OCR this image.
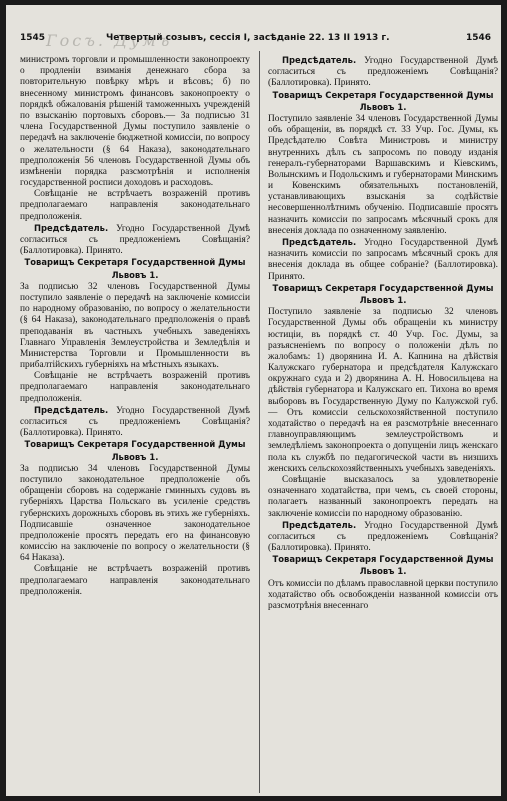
Госъ. Думъ
1545	Четвертый созывъ, сессія I, засѣданіе 22. 13 II 1913 г.	1546

министромъ торговли и промышленности законопроекту о продленіи взиманія денежнаго сбора за повторительную повѣрку мѣръ и вѣсовъ; б) по внесенному министромъ финансовъ законопроекту о порядкѣ обжалованія рѣшеній таможенныхъ учрежденій по взысканію портовыхъ сборовъ.— За подписью 31 члена Государственной Думы поступило заявленіе о передачѣ на заключеніе бюджетной комиссіи, по вопросу о желательности (§ 64 Наказа), законодательнаго предположенія 56 членовъ Государственной Думы объ измѣненіи порядка разсмотрѣнія и исполненія государственной росписи доходовъ и расходовъ.

Совѣщаніе не встрѣчаетъ возраженій противъ предполагаемаго направленія законодательнаго предположенія.

Предсѣдатель. Угодно Государственной Думѣ согласиться съ предложеніемъ Совѣщанія? (Баллотировка). Принято.

Товарищъ Секретаря Государственной Думы Львовъ 1.

За подписью 32 членовъ Государственной Думы поступило заявленіе о передачѣ на заключеніе комиссіи по народному образованію, по вопросу о желательности (§ 64 Наказа), законодательнаго предположенія о правѣ преподаванія въ частныхъ учебныхъ заведеніяхъ Главнаго Управленія Землеустройства и Земледѣлія и Министерства Торговли и Промышленности въ прибалтійскихъ губерніяхъ на мѣстныхъ языкахъ.

Совѣщаніе не встрѣчаетъ возраженій противъ предполагаемаго направленія законодательнаго предположенія.

Предсѣдатель. Угодно Государственной Думѣ согласиться съ предложеніемъ Совѣщанія? (Баллотировка). Принято.

Товарищъ Секретаря Государственной Думы Львовъ 1.

За подписью 34 членовъ Государственной Думы поступило законодательное предположеніе объ обращеніи сборовъ на содержаніе гминныхъ судовъ въ губерніяхъ Царства Польскаго въ усиленіе средствъ губернскихъ дорожныхъ сборовъ въ этихъ же губерніяхъ. Подписавшіе означенное законодательное предположеніе просятъ передать его на финансовую комиссію на заключеніе по вопросу о желательности (§ 64 Наказа).

Совѣщаніе не встрѣчаетъ возраженій противъ предполагаемаго направленія законодательнаго предположенія.

Предсѣдатель. Угодно Государственной Думѣ согласиться съ предложеніемъ Совѣщанія? (Баллотировка). Принято.

Товарищъ Секретаря Государственной Думы Львовъ 1.

Поступило заявленіе 34 членовъ Государственной Думы объ обращеніи, въ порядкѣ ст. 33 Учр. Гос. Думы, къ Предсѣдателю Совѣта Министровъ и министру внутреннихъ дѣлъ съ запросомъ по поводу изданія генералъ-губернаторами Варшавскимъ и Кіевскимъ, Волынскимъ и Подольскимъ и губернаторами Минскимъ и Ковенскимъ обязательныхъ постановленій, устанавливающихъ взысканія за содѣйствіе несовершеннолѣтнимъ обученію. Подписавшіе просятъ назначить комиссіи по запросамъ мѣсячный срокъ для внесенія доклада по означенному заявленію.

Предсѣдатель. Угодно Государственной Думѣ назначить комиссіи по запросамъ мѣсячный срокъ для внесенія доклада въ общее собраніе? (Баллотировка). Принято.

Товарищъ Секретаря Государственной Думы Львовъ 1.

Поступило заявленіе за подписью 32 членовъ Государственной Думы объ обращеніи къ министру юстиціи, въ порядкѣ ст. 40 Учр. Гос. Думы, за разъясненіемъ по вопросу о положеніи дѣлъ по жалобамъ: 1) дворянина И. А. Капнина на дѣйствія Калужскаго губернатора и предсѣдателя Калужскаго окружнаго суда и 2) дворянина А. Н. Новосильцева на дѣйствія губернатора и Калужскаго еп. Тихона во время выборовъ въ Государственную Думу по Калужской губ.— Отъ комиссіи сельскохозяйственной поступило ходатайство о передачѣ на ея разсмотрѣніе внесеннаго главноуправляющимъ землеустройствомъ и земледѣліемъ законопроекта о допущеніи лицъ женскаго пола къ службѣ по педагогической части въ низшихъ женскихъ сельскохозяйственныхъ учебныхъ заведеніяхъ.

Совѣщаніе высказалось за удовлетвореніе означеннаго ходатайства, при чемъ, съ своей стороны, полагаетъ названный законопроектъ передать на заключеніе комиссіи по народному образованію.

Предсѣдатель. Угодно Государственной Думѣ согласиться съ предложеніемъ Совѣщанія? (Баллотировка). Принято.

Товарищъ Секретаря Государственной Думы Львовъ 1.

Отъ комиссіи по дѣламъ православной церкви поступило ходатайство объ освобожденіи названной комиссіи отъ разсмотрѣнія внесеннаго
